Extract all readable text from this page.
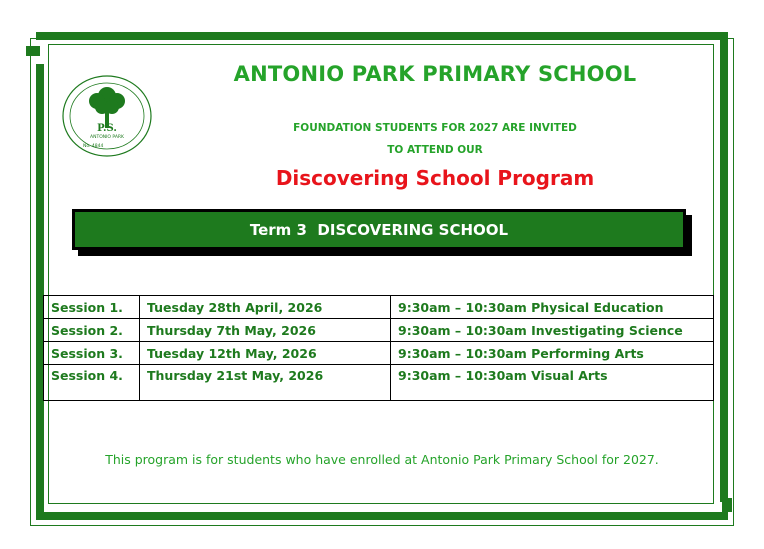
P.S.
ANTONIO PARK
No. 4844
ANTONIO PARK PRIMARY SCHOOL
FOUNDATION STUDENTS FOR 2027 ARE INVITED
TO ATTEND OUR
Discovering School Program
Term 3  DISCOVERING SCHOOL
Session 1.	Tuesday 28th April, 2026	9:30am – 10:30am Physical Education
Session 2.	Thursday 7th May, 2026	9:30am – 10:30am Investigating Science
Session 3.	Tuesday 12th May, 2026	9:30am – 10:30am Performing Arts
Session 4.	Thursday 21st May, 2026	9:30am – 10:30am Visual Arts
This program is for students who have enrolled at Antonio Park Primary School for 2027.
